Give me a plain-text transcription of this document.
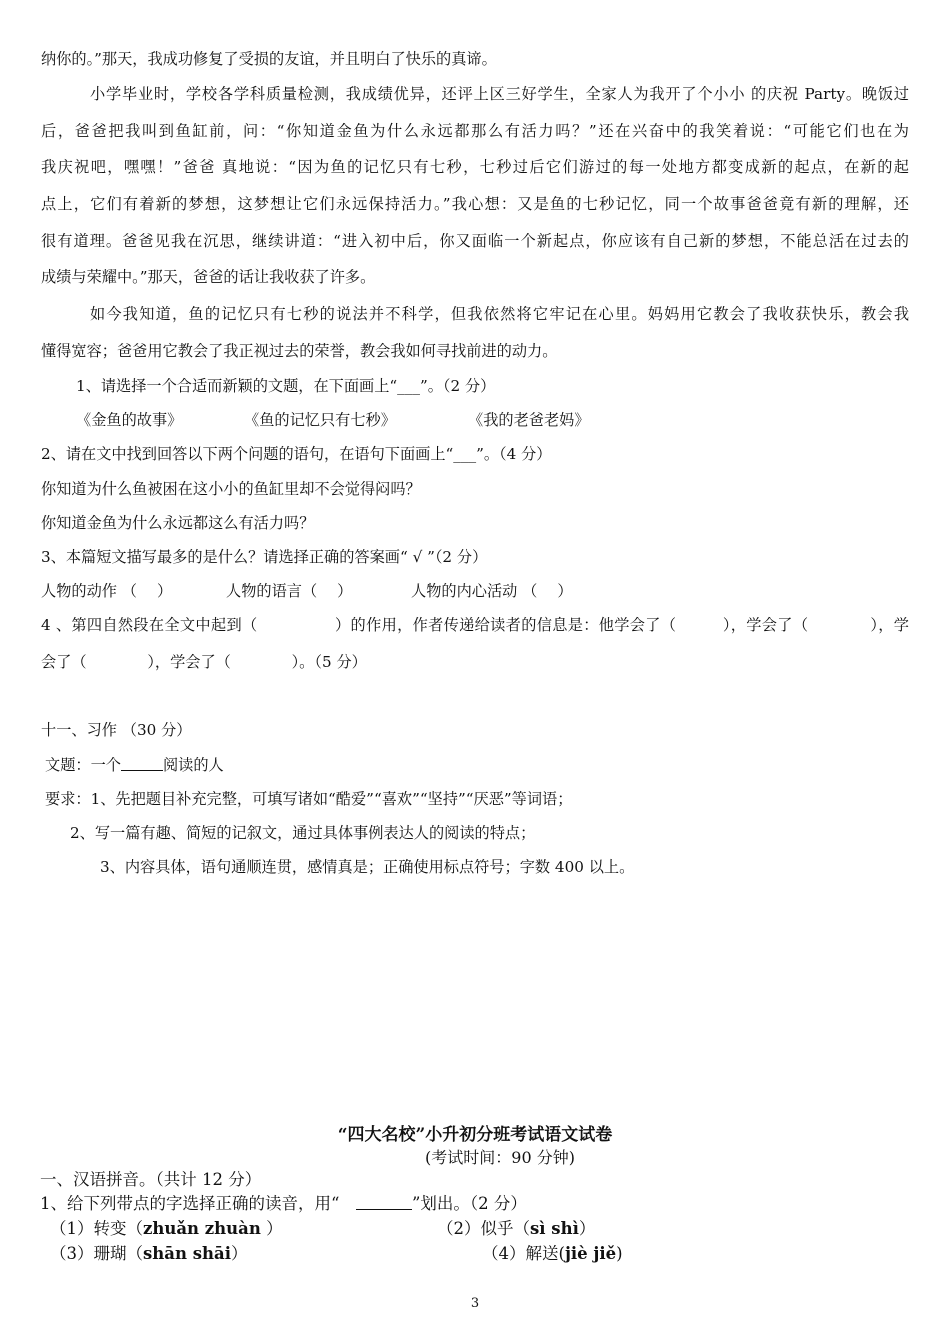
纳你的。”那天，我成功修复了受损的友谊，并且明白了快乐的真谛。
小学毕业时，学校各学科质量检测，我成绩优异，还评上区三好学生，全家人为我开了个小小 的庆祝 Party。晚饭过
后，爸爸把我叫到鱼缸前，问：“你知道金鱼为什么永远都那么有活力吗？”还在兴奋中的我笑着说：“可能它们也在为
我庆祝吧，嘿嘿！”爸爸 真地说：“因为鱼的记忆只有七秒，七秒过后它们游过的每一处地方都变成新的起点，在新的起
点上，它们有着新的梦想，这梦想让它们永远保持活力。”我心想：又是鱼的七秒记忆，同一个故事爸爸竟有新的理解，还
很有道理。爸爸见我在沉思，继续讲道：“进入初中后，你又面临一个新起点，你应该有自己新的梦想，不能总活在过去的
成绩与荣耀中。”那天，爸爸的话让我收获了许多。
如今我知道，鱼的记忆只有七秒的说法并不科学，但我依然将它牢记在心里。妈妈用它教会了我收获快乐，教会我
懂得宽容；爸爸用它教会了我正视过去的荣誉，教会我如何寻找前进的动力。
1、请选择一个合适而新颖的文题，在下面画上“___”。（2 分）
《金鱼的故事》	《鱼的记忆只有七秒》	《我的老爸老妈》
2、请在文中找到回答以下两个问题的语句，在语句下面画上“___”。（4 分）
你知道为什么鱼被困在这小小的鱼缸里却不会觉得闷吗？
你知道金鱼为什么永远都这么有活力吗？
3、本篇短文描写最多的是什么？请选择正确的答案画“ √ ”（2 分）
人物的动作 （　 ）	人物的语言（　 ）	人物的内心活动 （　 ）
4 、第四自然段在全文中起到（　　　　　）的作用，作者传递给读者的信息是：他学会了（　　　），学会了（　　　　），学
会了（　　　　），学会了（　　　　）。（5 分）
十一、习作 （30 分）
文题：一个	阅读的人
要求：1、先把题目补充完整，可填写诸如“酷爱”“喜欢”“坚持”“厌恶”等词语；
2、写一篇有趣、简短的记叙文，通过具体事例表达人的阅读的特点；
3、内容具体，语句通顺连贯，感情真是；正确使用标点符号；字数 400 以上。
“四大名校”小升初分班考试语文试卷
(考试时间：90 分钟)
一、汉语拼音。（共计 12 分）
1、给下列带点的字选择正确的读音，用“　	”划出。（2 分）
（1）转变（zhuǎn zhuàn ）	（2）似乎（sì shì）
（3）珊瑚（shān shāi）	（4）解送(jiè jiě)
3
